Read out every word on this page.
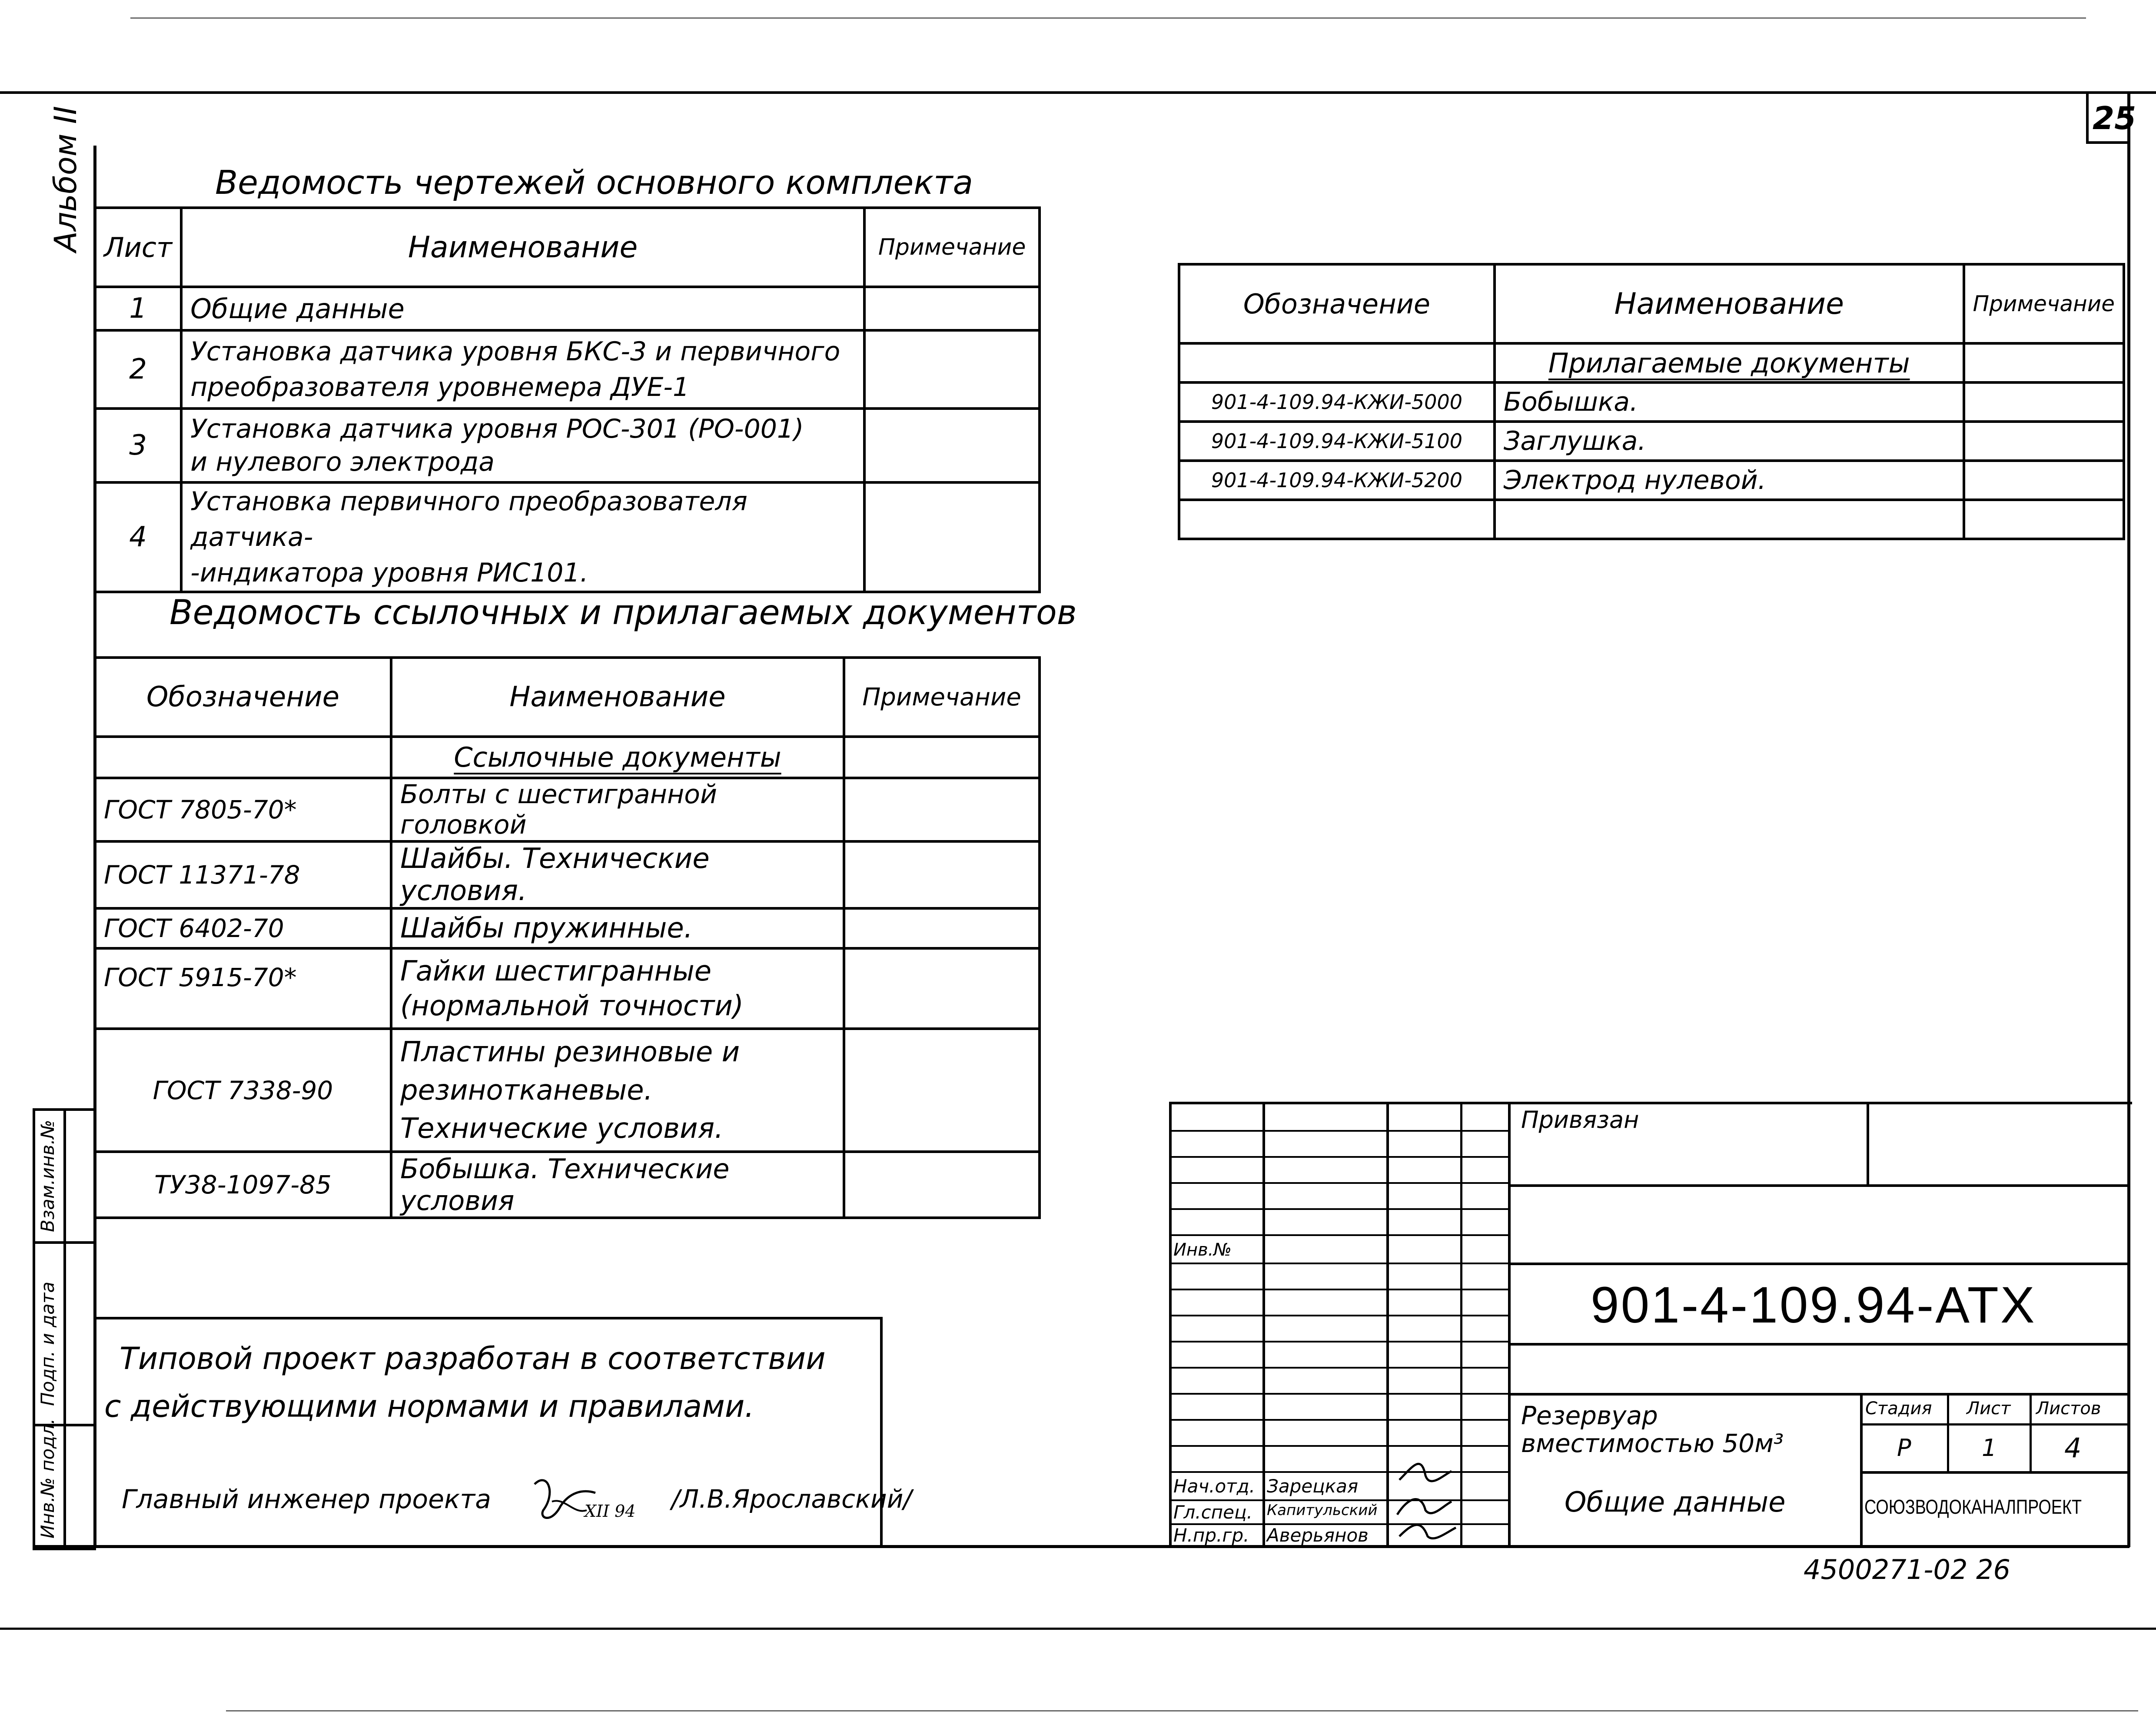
25
Альбом II	Ведомость чертежей основного комплекта
Лист	Наименование	Примечание
1	Общие данные	

2	Установка датчика уровня БКС-3 и первичного
преобразователя уровнемера ДУЕ-1	

3	Установка датчика уровня РОС-301 (РО-001)
и нулевого электрода	

4	Установка первичного преобразователя датчика-
-индикатора уровня РИС101.	

Ведомость ссылочных и прилагаемых документов
Обозначение	Наименование	Примечание
	Ссылочные документы	
ГОСТ 7805-70*	Болты с шестигранной головкой	

ГОСТ 11371-78	Шайбы. Технические условия.	

ГОСТ 6402-70	Шайбы пружинные.	

ГОСТ 5915-70*	Гайки шестигранные
(нормальной точности)	

ГОСТ 7338-90	Пластины резиновые и
резинотканевые.
Технические условия.	

ТУ38-1097-85	Бобышка. Технические условия	

Обозначение	Наименование	Примечание
	Прилагаемые документы	
901-4-109.94-КЖИ-5000	Бобышка.	
901-4-109.94-КЖИ-5100	Заглушка.	
901-4-109.94-КЖИ-5200	Электрод нулевой.	

Типовой проект разработан в соответствии
с действующими нормами и правилами.
Главный инженер проекта	XII 94 /Л.В.Ярославский/
Взам.инв.№
Подп. и дата
Инв.№ подл.
Привязан
Инв.№
901-4-109.94-АТХ
Резервуар вместимостью 50м³
Общие данные
Стадия Лист Листов
Р	1	4
СОЮЗВОДОКАНАЛПРОЕКТ
Нач.отд. Зарецкая
Гл.спец. Капитульский
Н.пр.гр. Аверьянов
4500271-02 26
